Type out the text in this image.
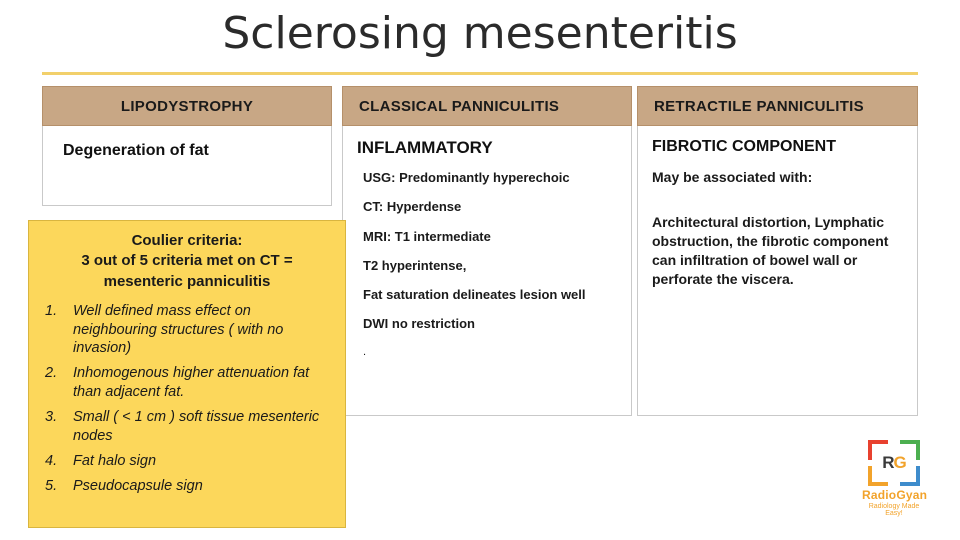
Sclerosing mesenteritis
LIPODYSTROPHY
Degeneration of fat
CLASSICAL PANNICULITIS
INFLAMMATORY
USG: Predominantly hyperechoic
CT: Hyperdense
MRI: T1 intermediate
T2 hyperintense,
Fat saturation delineates lesion well
DWI no restriction
.
RETRACTILE PANNICULITIS
FIBROTIC COMPONENT
May be associated with:
Architectural distortion, Lymphatic obstruction, the fibrotic component can infiltration of bowel wall or perforate the viscera.
Coulier criteria:
3 out of 5 criteria met on CT =
mesenteric panniculitis
Well defined mass effect on neighbouring structures ( with no invasion)
Inhomogenous higher attenuation fat than adjacent fat.
Small ( < 1 cm ) soft tissue mesenteric nodes
Fat halo sign
Pseudocapsule sign
RG
RadioGyan
Radiology Made Easy!
